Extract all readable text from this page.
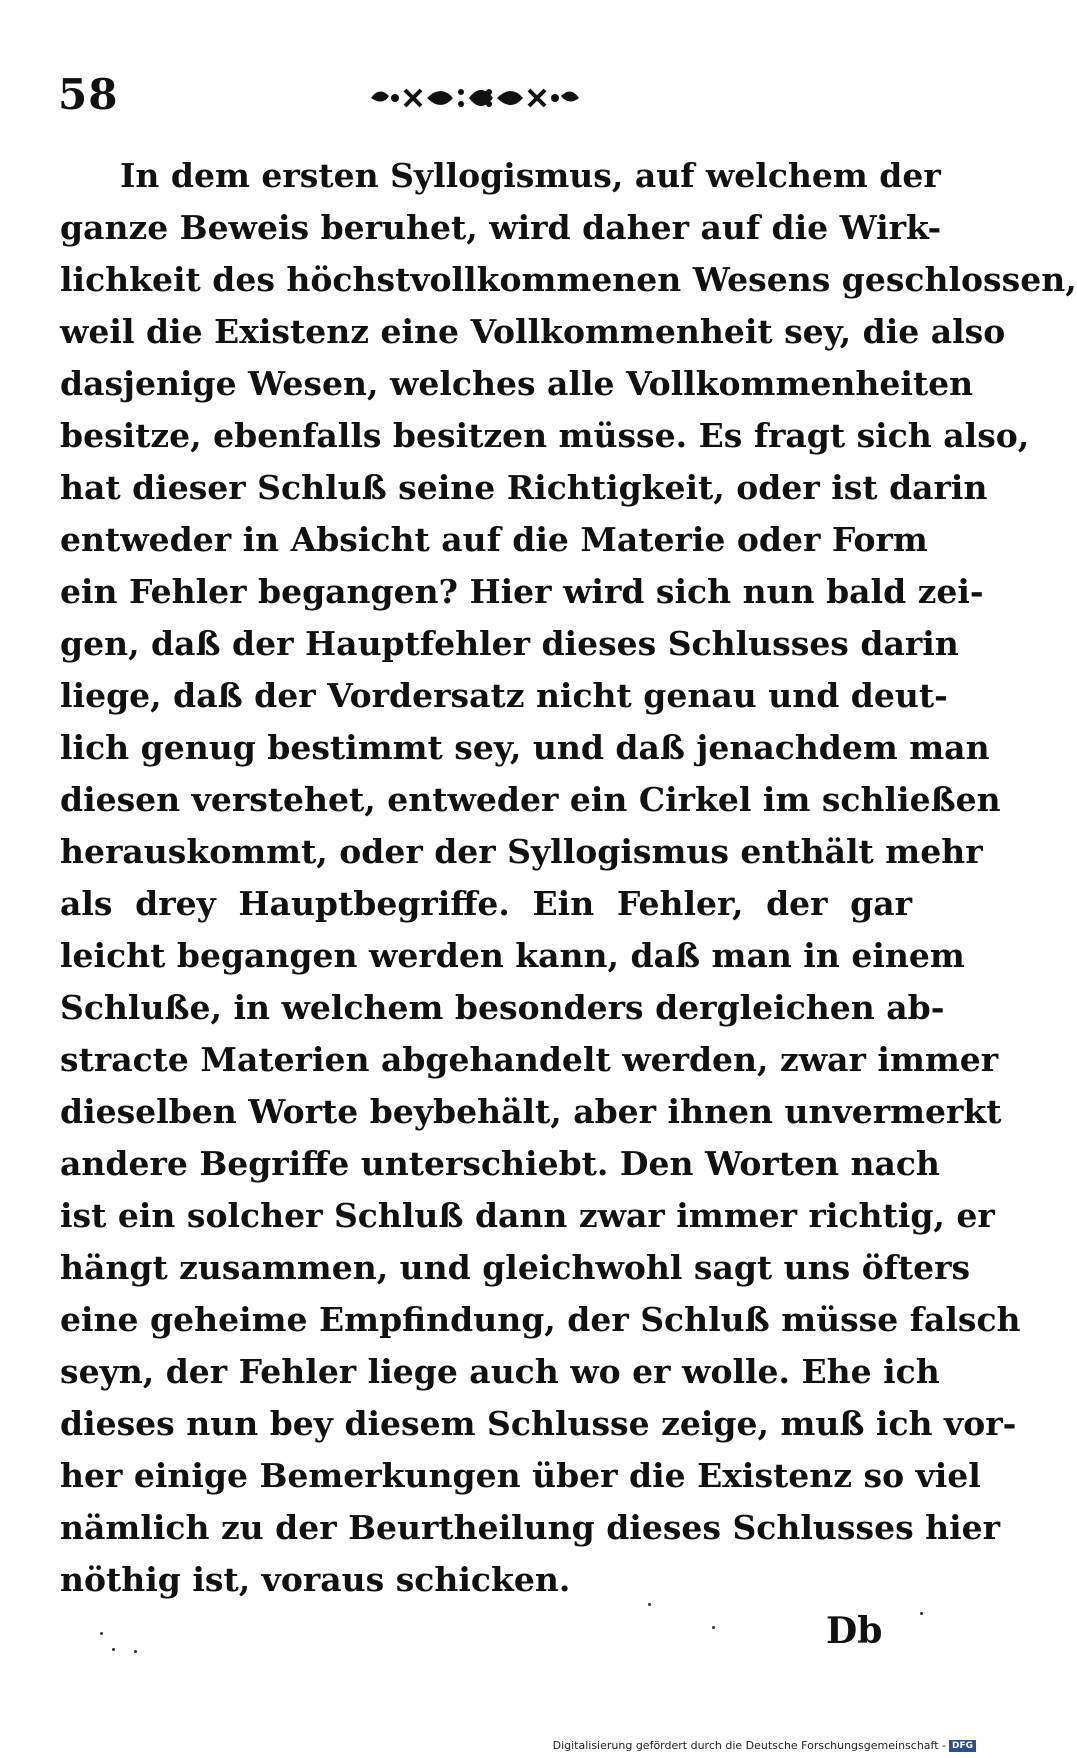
58
In dem ersten Syllogismus, auf welchem der
ganze Beweis beruhet, wird daher auf die Wirk-
lichkeit des höchstvollkommenen Wesens geschlossen,
weil die Existenz eine Vollkommenheit sey, die also
dasjenige Wesen, welches alle Vollkommenheiten
besitze, ebenfalls besitzen müsse. Es fragt sich also,
hat dieser Schluß seine Richtigkeit, oder ist darin
entweder in Absicht auf die Materie oder Form
ein Fehler begangen? Hier wird sich nun bald zei-
gen, daß der Hauptfehler dieses Schlusses darin
liege, daß der Vordersatz nicht genau und deut-
lich genug bestimmt sey, und daß jenachdem man
diesen verstehet, entweder ein Cirkel im schließen
herauskommt, oder der Syllogismus enthält mehr
als drey Hauptbegriffe. Ein Fehler, der gar
leicht begangen werden kann, daß man in einem
Schluße, in welchem besonders dergleichen ab-
stracte Materien abgehandelt werden, zwar immer
dieselben Worte beybehält, aber ihnen unvermerkt
andere Begriffe unterschiebt. Den Worten nach
ist ein solcher Schluß dann zwar immer richtig, er
hängt zusammen, und gleichwohl sagt uns öfters
eine geheime Empfindung, der Schluß müsse falsch
seyn, der Fehler liege auch wo er wolle. Ehe ich
dieses nun bey diesem Schlusse zeige, muß ich vor-
her einige Bemerkungen über die Existenz so viel
nämlich zu der Beurtheilung dieses Schlusses hier
nöthig ist, voraus schicken.
Db
Digitalisierung gefördert durch die Deutsche Forschungsgemeinschaft - DFG
